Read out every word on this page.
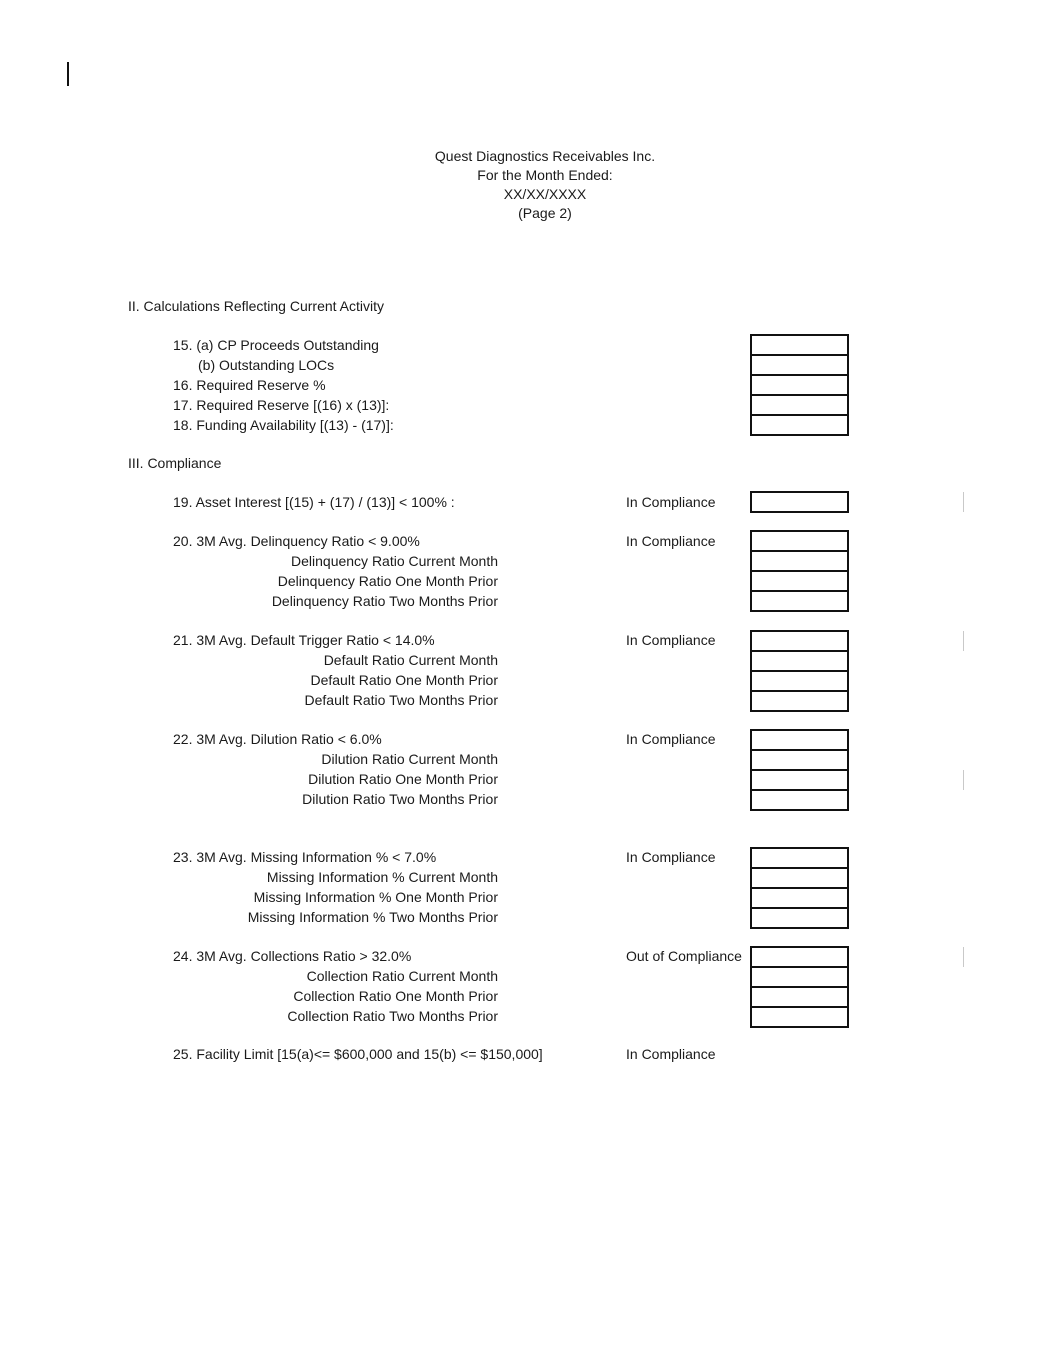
Quest Diagnostics Receivables Inc.
For the Month Ended:
XX/XX/XXXX
(Page 2)
II. Calculations Reflecting Current Activity
15. (a) CP Proceeds Outstanding
(b) Outstanding LOCs
16. Required Reserve %
17. Required Reserve [(16) x (13)]:
18. Funding Availability [(13) - (17)]:
III. Compliance
19. Asset Interest [(15) + (17) / (13)] < 100% :	In Compliance
20. 3M Avg. Delinquency Ratio < 9.00%	In Compliance
Delinquency Ratio Current Month
Delinquency Ratio One Month Prior
Delinquency Ratio Two Months Prior
21. 3M Avg. Default Trigger Ratio < 14.0%	In Compliance
Default Ratio Current Month
Default Ratio One Month Prior
Default Ratio Two Months Prior
22. 3M Avg. Dilution Ratio < 6.0%	In Compliance
Dilution Ratio Current Month
Dilution Ratio One Month Prior
Dilution Ratio Two Months Prior
23. 3M Avg. Missing Information % < 7.0%	In Compliance
Missing Information % Current Month
Missing Information % One Month Prior
Missing Information % Two Months Prior
24. 3M Avg. Collections Ratio > 32.0%	Out of Compliance
Collection Ratio Current Month
Collection Ratio One Month Prior
Collection Ratio Two Months Prior
25. Facility Limit [15(a)<= $600,000 and 15(b) <= $150,000]	In Compliance
